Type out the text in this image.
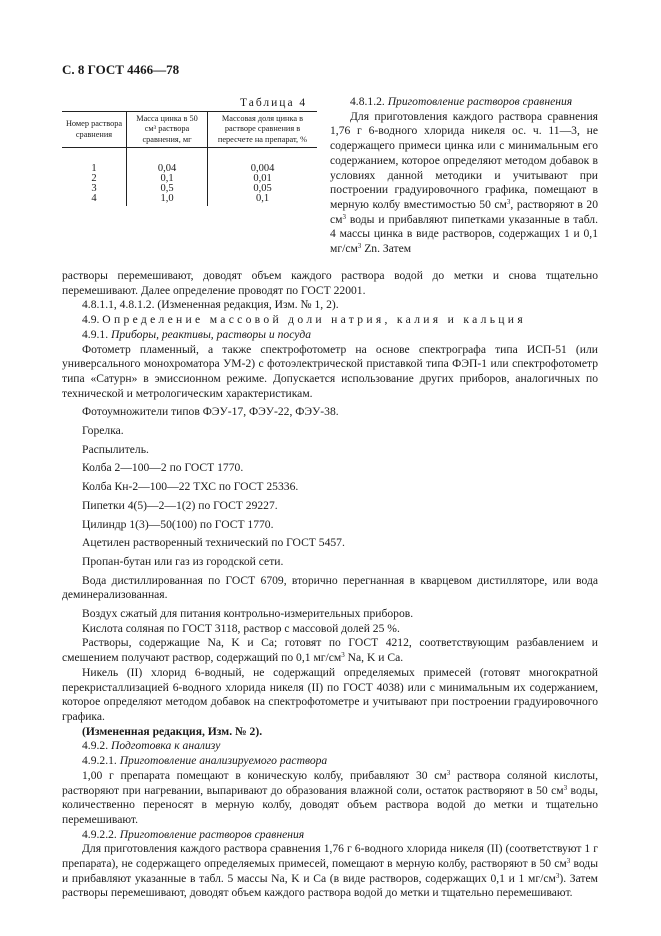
С. 8 ГОСТ 4466—78
Таблица 4
Номер раствора сравнения	Масса цинка в 50 см³ раствора сравнения, мг	Массовая доля цинка в растворе сравнения в пересчете на препарат, %
1	0,04	0,004
2	0,1	0,01
3	0,5	0,05
4	1,0	0,1

4.8.1.2. Приготовление растворов сравнения

Для приготовления каждого раствора сравнения 1,76 г 6-водного хлорида никеля ос. ч. 11—3, не содержащего примеси цинка или с минимальным его содержанием, которое определяют методом добавок в условиях данной методики и учитывают при построении градуировочного графика, помещают в мерную колбу вместимостью 50 $см^3$, растворяют в 20 $см^3$ воды и прибавляют пипетками указанные в табл. 4 массы цинка в виде растворов, содержащих 1 и 0,1 $мг/см^3$ Zn. Затем

растворы перемешивают, доводят объем каждого раствора водой до метки и снова тщательно перемешивают. Далее определение проводят по ГОСТ 22001.

4.8.1.1, 4.8.1.2. (Измененная редакция, Изм. № 1, 2).

4.9. Определение массовой доли натрия, калия и кальция

4.9.1. Приборы, реактивы, растворы и посуда

Фотометр пламенный, а также спектрофотометр на основе спектрографа типа ИСП-51 (или универсального монохроматора УМ-2) с фотоэлектрической приставкой типа ФЭП-1 или спектрофотометр типа «Сатурн» в эмиссионном режиме. Допускается использование других приборов, аналогичных по технической и метрологическим характеристикам.

Фотоумножители типов ФЭУ-17, ФЭУ-22, ФЭУ-38.

Горелка.

Распылитель.

Колба 2—100—2 по ГОСТ 1770.

Колба Кн-2—100—22 ТХС по ГОСТ 25336.

Пипетки 4(5)—2—1(2) по ГОСТ 29227.

Цилиндр 1(3)—50(100) по ГОСТ 1770.

Ацетилен растворенный технический по ГОСТ 5457.

Пропан-бутан или газ из городской сети.

Вода дистиллированная по ГОСТ 6709, вторично перегнанная в кварцевом дистилляторе, или вода деминерализованная.

Воздух сжатый для питания контрольно-измерительных приборов.

Кислота соляная по ГОСТ 3118, раствор с массовой долей 25 %.

Растворы, содержащие Na, K и Ca; готовят по ГОСТ 4212, соответствующим разбавлением и смешением получают раствор, содержащий по 0,1 $мг/см^3$ Na, K и Ca.

Никель (II) хлорид 6-водный, не содержащий определяемых примесей (готовят многократной перекристаллизацией 6-водного хлорида никеля (II) по ГОСТ 4038) или с минимальным их содержанием, которое определяют методом добавок на спектрофотометре и учитывают при построении градуировочного графика.

(Измененная редакция, Изм. № 2).

4.9.2. Подготовка к анализу

4.9.2.1. Приготовление анализируемого раствора

1,00 г препарата помещают в коническую колбу, прибавляют 30 $см^3$ раствора соляной кислоты, растворяют при нагревании, выпаривают до образования влажной соли, остаток растворяют в 50 $см^3$ воды, количественно переносят в мерную колбу, доводят объем раствора водой до метки и тщательно перемешивают.

4.9.2.2. Приготовление растворов сравнения

Для приготовления каждого раствора сравнения 1,76 г 6-водного хлорида никеля (II) (соответствуют 1 г препарата), не содержащего определяемых примесей, помещают в мерную колбу, растворяют в 50 $см^3$ воды и прибавляют указанные в табл. 5 массы Na, K и Ca (в виде растворов, содержащих 0,1 и 1 $мг/см^3$). Затем растворы перемешивают, доводят объем каждого раствора водой до метки и тщательно перемешивают.
